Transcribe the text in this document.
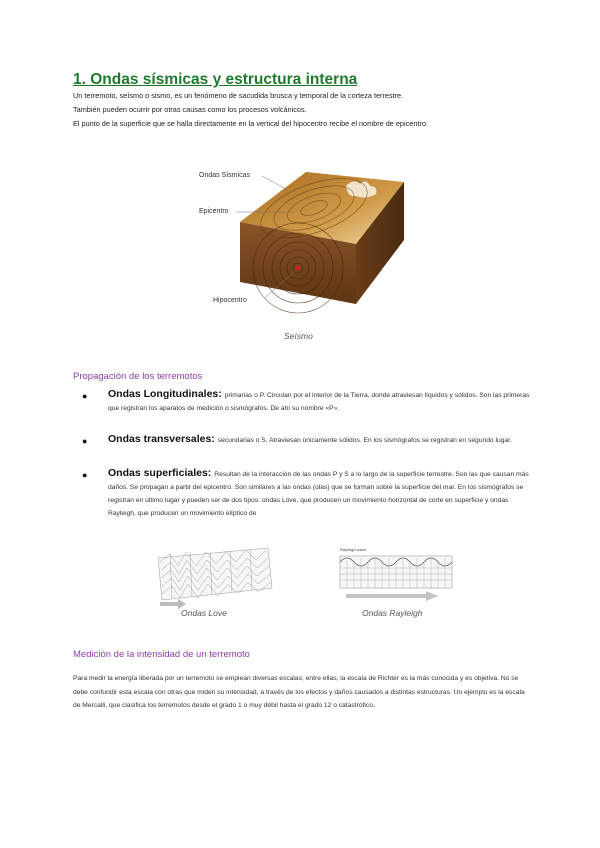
1. Ondas sísmicas y estructura interna
Un terremoto, seísmo o sismo, es un fenómeno de sacudida brusca y temporal de la corteza terrestre.
También pueden ocurrir por otras causas como los procesos volcánicos.
El punto de la superficie que se halla directamente en la vertical del hipocentro recibe el nombre de epicentro.
Ondas Sísmicas
Epicentro
Hipocentro
Seísmo
Propagación de los terremotos
● Ondas Longitudinales: primarias o P. Circulan por el interior de la Tierra, donde atraviesan líquidos y sólidos. Son las primeras que registran los aparatos de medición o sismógrafos. De ahí su nombre «P».
● Ondas transversales: secundarias o S. Atraviesan únicamente sólidos. En los sismógrafos se registran en segundo lugar.
● Ondas superficiales: Resultan de la interacción de las ondas P y S a lo largo de la superficie terrestre. Son las que causan más daños. Se propagan a partir del epicentro. Son similares a las ondas (olas) que se forman sobre la superficie del mar. En los sismógrafos se registran en último lugar y pueden ser de dos tipos: ondas Love, que producen un movimiento horizontal de corte en superficie y ondas Rayleigh, que producen un movimiento elíptico de
Ondas Love
Rayleigh wave
Ondas Rayleigh
Medición de la intensidad de un terremoto
Para medir la energía liberada por un terremoto se emplean diversas escalas, entre ellas, la escala de Richter es la más conocida y es objetiva. No se debe confundir esta escala con otras que miden su intensidad, a través de los efectos y daños causados a distintas estructuras. Un ejemplo es la escala de Mercalli, que clasifica los terremotos desde el grado 1 o muy débil hasta el grado 12 o catastrófico.
